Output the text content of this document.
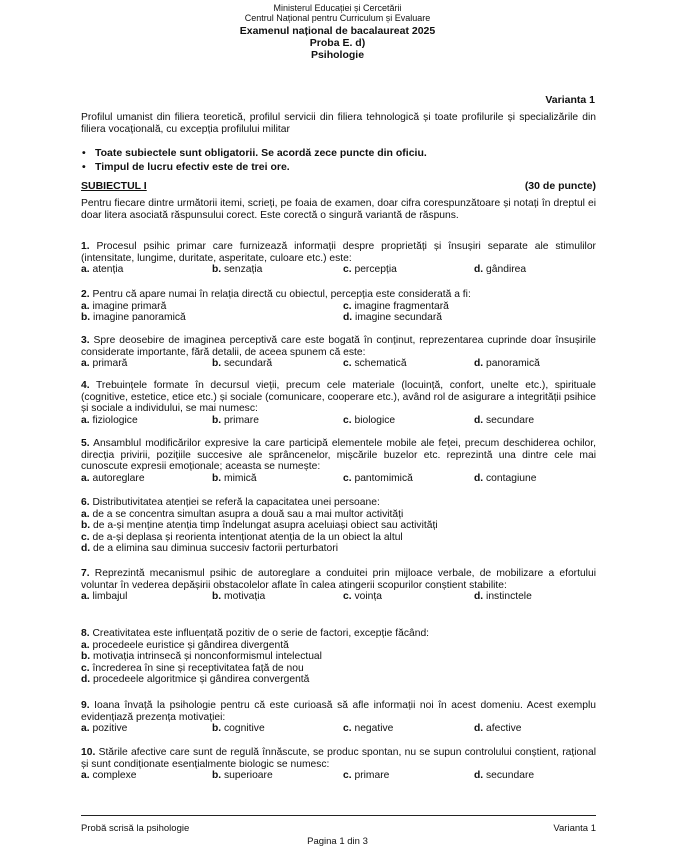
Ministerul Educației și Cercetării
Centrul Național pentru Curriculum și Evaluare
Examenul național de bacalaureat 2025
Proba E. d)
Psihologie
Varianta 1
Profilul umanist din filiera teoretică, profilul servicii din filiera tehnologică și toate profilurile și specializările din filiera vocațională, cu excepția profilului militar
• Toate subiectele sunt obligatorii. Se acordă zece puncte din oficiu.
• Timpul de lucru efectiv este de trei ore.
SUBIECTUL I	(30 de puncte)
Pentru fiecare dintre următorii itemi, scrieți, pe foaia de examen, doar cifra corespunzătoare și notați în dreptul ei doar litera asociată răspunsului corect. Este corectă o singură variantă de răspuns.
1. Procesul psihic primar care furnizează informații despre proprietăți și însușiri separate ale stimulilor (intensitate, lungime, duritate, asperitate, culoare etc.) este:
a. atenția	b. senzația	c. percepția	d. gândirea
2. Pentru că apare numai în relația directă cu obiectul, percepția este considerată a fi:
a. imagine primară	c. imagine fragmentară
b. imagine panoramică	d. imagine secundară
3. Spre deosebire de imaginea perceptivă care este bogată în conținut, reprezentarea cuprinde doar însușirile considerate importante, fără detalii, de aceea spunem că este:
a. primară	b. secundară	c. schematică	d. panoramică
4. Trebuințele formate în decursul vieții, precum cele materiale (locuință, confort, unelte etc.), spirituale (cognitive, estetice, etice etc.) și sociale (comunicare, cooperare etc.), având rol de asigurare a integrității psihice și sociale a individului, se mai numesc:
a. fiziologice	b. primare	c. biologice	d. secundare
5. Ansamblul modificărilor expresive la care participă elementele mobile ale feței, precum deschiderea ochilor, direcția privirii, pozițiile succesive ale sprâncenelor, mișcările buzelor etc. reprezintă una dintre cele mai cunoscute expresii emoționale; aceasta se numește:
a. autoreglare	b. mimică	c. pantomimică	d. contagiune
6. Distributivitatea atenției se referă la capacitatea unei persoane:
a. de a se concentra simultan asupra a două sau a mai multor activități
b. de a-și menține atenția timp îndelungat asupra aceluiași obiect sau activități
c. de a-și deplasa și reorienta intenționat atenția de la un obiect la altul
d. de a elimina sau diminua succesiv factorii perturbatori
7. Reprezintă mecanismul psihic de autoreglare a conduitei prin mijloace verbale, de mobilizare a efortului voluntar în vederea depășirii obstacolelor aflate în calea atingerii scopurilor conștient stabilite:
a. limbajul	b. motivația	c. voința	d. instinctele
8. Creativitatea este influențată pozitiv de o serie de factori, excepție făcând:
a. procedeele euristice și gândirea divergentă
b. motivația intrinsecă și nonconformismul intelectual
c. încrederea în sine și receptivitatea față de nou
d. procedeele algoritmice și gândirea convergentă
9. Ioana învață la psihologie pentru că este curioasă să afle informații noi în acest domeniu. Acest exemplu evidențiază prezența motivației:
a. pozitive	b. cognitive	c. negative	d. afective
10. Stările afective care sunt de regulă înnăscute, se produc spontan, nu se supun controlului conștient, rațional și sunt condiționate esențialmente biologic se numesc:
a. complexe	b. superioare	c. primare	d. secundare
Probă scrisă la psihologie	Varianta 1
Pagina 1 din 3
